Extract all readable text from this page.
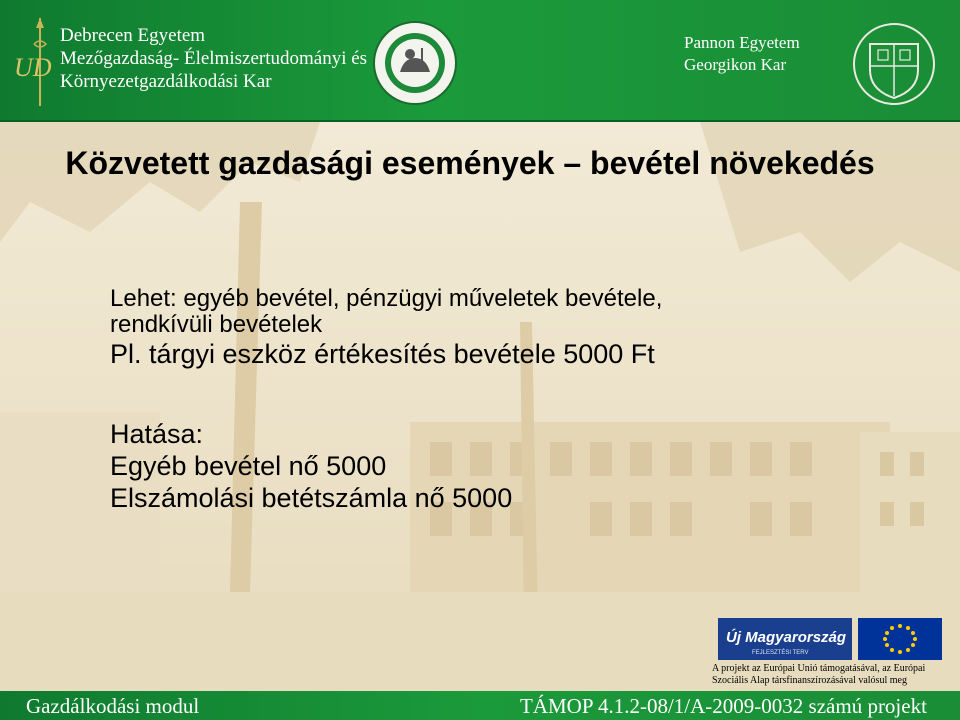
UD
Debrecen Egyetem
Mezőgazdaság- Élelmiszertudományi és
Környezetgazdálkodási Kar
Pannon Egyetem
Georgikon Kar
Közvetett gazdasági események – bevétel növekedés
Lehet: egyéb bevétel, pénzügyi műveletek bevétele,
rendkívüli bevételek
Pl. tárgyi eszköz értékesítés bevétele 5000 Ft
Hatása:
Egyéb bevétel nő 5000
Elszámolási betétszámla nő 5000
Új Magyarország
FEJLESZTÉSI TERV
A projekt az Európai Unió támogatásával, az Európai
Szociális Alap társfinanszírozásával valósul meg
Gazdálkodási modul	TÁMOP 4.1.2-08/1/A-2009-0032 számú projekt
